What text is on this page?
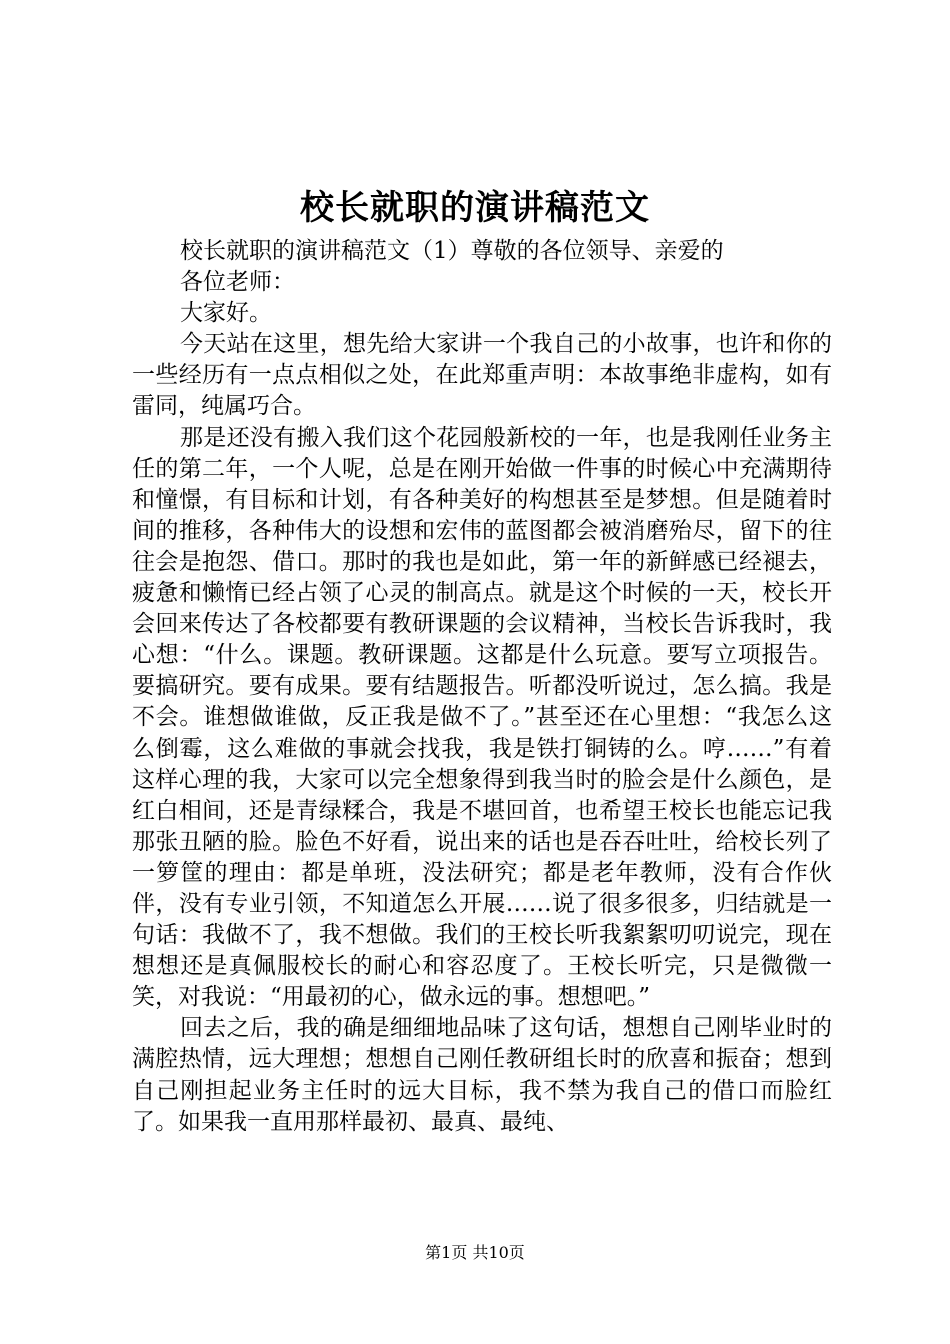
校长就职的演讲稿范文

校长就职的演讲稿范文（1）尊敬的各位领导、亲爱的

各位老师：

大家好。

今天站在这里，想先给大家讲一个我自己的小故事，也许和你的一些经历有一点点相似之处，在此郑重声明：本故事绝非虚构，如有雷同，纯属巧合。

那是还没有搬入我们这个花园般新校的一年，也是我刚任业务主任的第二年，一个人呢，总是在刚开始做一件事的时候心中充满期待和憧憬，有目标和计划，有各种美好的构想甚至是梦想。但是随着时间的推移，各种伟大的设想和宏伟的蓝图都会被消磨殆尽，留下的往往会是抱怨、借口。那时的我也是如此，第一年的新鲜感已经褪去，疲惫和懒惰已经占领了心灵的制高点。就是这个时候的一天，校长开会回来传达了各校都要有教研课题的会议精神，当校长告诉我时，我心想：“什么。课题。教研课题。这都是什么玩意。要写立项报告。要搞研究。要有成果。要有结题报告。听都没听说过，怎么搞。我是不会。谁想做谁做，反正我是做不了。”甚至还在心里想：“我怎么这么倒霉，这么难做的事就会找我，我是铁打铜铸的么。哼……”有着这样心理的我，大家可以完全想象得到我当时的脸会是什么颜色，是红白相间，还是青绿糅合，我是不堪回首，也希望王校长也能忘记我那张丑陋的脸。脸色不好看，说出来的话也是吞吞吐吐，给校长列了一箩筐的理由：都是单班，没法研究；都是老年教师，没有合作伙伴，没有专业引领，不知道怎么开展……说了很多很多，归结就是一句话：我做不了，我不想做。我们的王校长听我絮絮叨叨说完，现在想想还是真佩服校长的耐心和容忍度了。王校长听完，只是微微一笑，对我说：“用最初的心，做永远的事。想想吧。”

回去之后，我的确是细细地品味了这句话，想想自己刚毕业时的满腔热情，远大理想；想想自己刚任教研组长时的欣喜和振奋；想到自己刚担起业务主任时的远大目标，我不禁为我自己的借口而脸红了。如果我一直用那样最初、最真、最纯、

第1页 共10页
